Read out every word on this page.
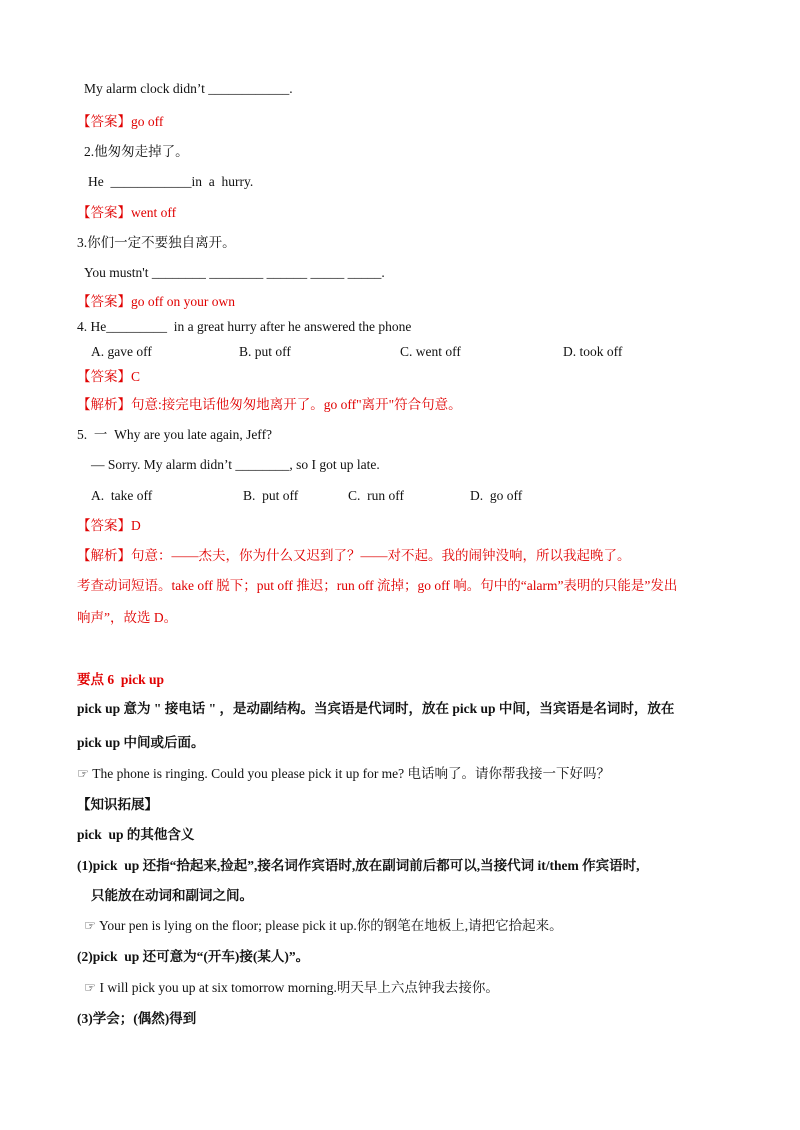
My alarm clock didn’t ____________.
【答案】go off
2.他匆匆走掉了。
He  ____________in  a  hurry.
【答案】went off
3.你们一定不要独自离开。
You mustn't ________ ________ ______ _____ _____.
【答案】go off on your own
4. He_________  in a great hurry after he answered the phone
A. gave off	B. put off	C. went off	D. took off
【答案】C
【解析】句意:接完电话他匆匆地离开了。go off"离开"符合句意。
5.  一  Why are you late again, Jeff?
— Sorry. My alarm didn’t ________, so I got up late.
A.  take off	B.  put off	C.  run off	D.  go off
【答案】D
【解析】句意：——杰夫，你为什么又迟到了？——对不起。我的闹钟没响，所以我起晚了。
考查动词短语。take off 脱下；put off 推迟；run off 流掉；go off 响。句中的“alarm”表明的只能是”发出
响声”，故选 D。
要点 6  pick up
pick up 意为 " 接电话 " ，是动副结构。当宾语是代词时，放在 pick up 中间，当宾语是名词时，放在
pick up 中间或后面。
☞ The phone is ringing. Could you please pick it up for me? 电话响了。请你帮我接一下好吗？
【知识拓展】
pick  up 的其他含义
(1)pick  up 还指“拾起来,捡起”,接名词作宾语时,放在副词前后都可以,当接代词 it/them 作宾语时,
只能放在动词和副词之间。
☞ Your pen is lying on the floor; please pick it up.你的钢笔在地板上,请把它拾起来。
(2)pick  up 还可意为“(开车)接(某人)”。
☞ I will pick you up at six tomorrow morning.明天早上六点钟我去接你。
(3)学会；(偶然)得到
